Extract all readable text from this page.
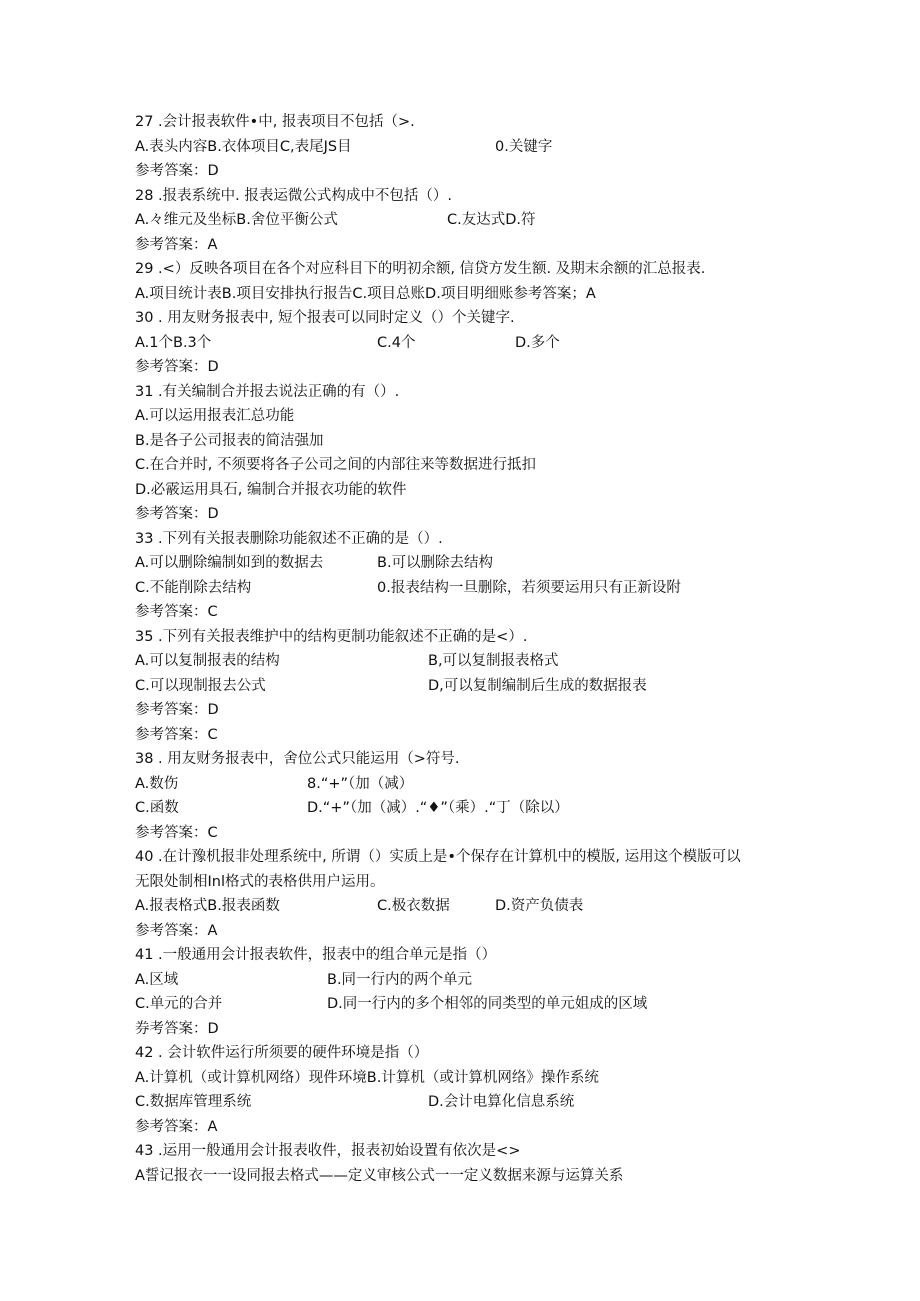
27 .会计报表软件•中, 报表项目不包括（>.
A.表头内容B.衣体项目C,表尾JS目	0.关键字
参考答案：D
28 .报表系统中. 报表运微公式构成中不包括（）.
A.々维元及坐标B.舍位平衡公式	C.友达式D.符
参考答案：A
29 .<）反映各项目在各个对应科目下的明初余额, 信贷方发生额. 及期末余额的汇总报表.
A.项目统计表B.项目安排执行报告C.项目总账D.项目明细账参考答案；A
30 . 用友财务报表中, 短个报表可以同时定义（）个关键字.
A.1个B.3个	C.4个	D.多个
参考答案：D
31 .有关编制合并报去说法正确的有（）.
A.可以运用报表汇总功能
B.是各子公司报表的简洁强加
C.在合并时, 不须要将各子公司之间的内部往来等数据进行抵扣
D.必霰运用具石, 编制合并报衣功能的软件
参考答案：D
33 .下列有关报表删除功能叙述不正确的是（）.
A.可以删除编制如到的数据去	B.可以删除去结构
C.不能削除去结构	0.报表结构一旦删除，若须要运用只有正新设附
参考答案：C
35 .下列有关报表维护中的结构更制功能叙述不正确的是<）.
A.可以复制报表的结构	B,可以复制报表格式
C.可以现制报去公式	D,可以复制编制后生成的数据报表
参考答案：D
参考答案：C
38 . 用友财务报表中，舍位公式只能运用（>符号.
A.数伤	8.“+”（加（减）
C.函数	D.“+”（加（减）.“♦”（乘）.“丁（除以）
参考答案：C
40 .在计豫机报非处理系统中, 所谓（）实质上是•个保存在计算机中的模版, 运用这个模版可以
无限处制相Inl格式的表格供用户运用。
A.报表格式B.报表函数	C.极衣数据	D.资产负债表
参考答案：A
41 .一般通用会计报表软件，报表中的组合单元是指（）
A.区域	B.同一行内的两个单元
C.单元的合并	D.同一行内的多个相邻的同类型的单元姐成的区域
券考答案：D
42 . 会计软件运行所须要的硬件环境是指（）
A.计算机（或计算机网络）现件环境B.计算机（或计算机网络》操作系统
C.数据库管理系统	D.会计电算化信息系统
参考答案：A
43 .运用一般通用会计报表收件，报表初始设置有依次是<>
A誓记报衣一一设同报去格式——定义审核公式一一定义数据来源与运算关系
